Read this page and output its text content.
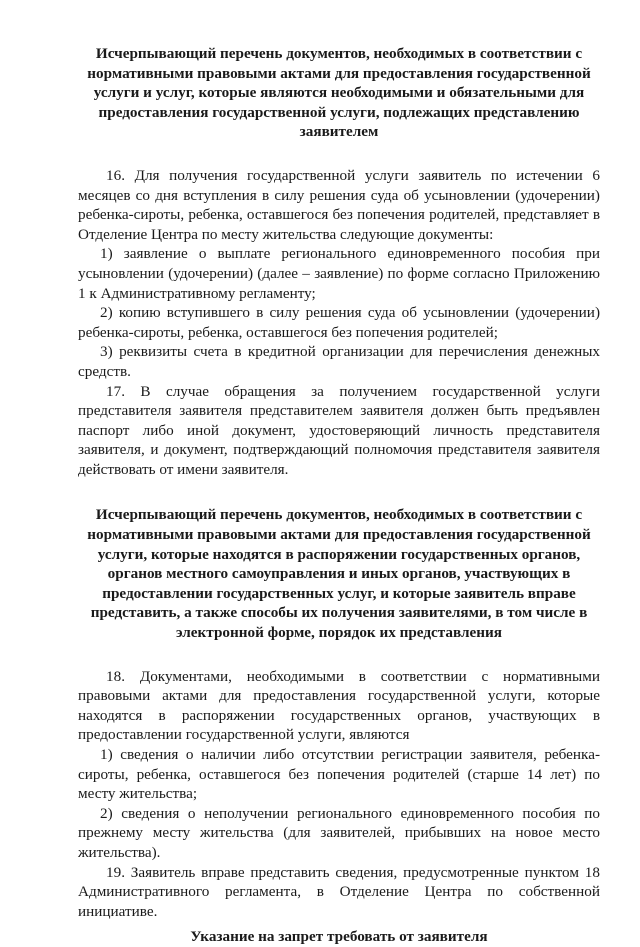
Исчерпывающий перечень документов, необходимых в соответствии с
нормативными правовыми актами для предоставления государственной
услуги и услуг, которые являются необходимыми и обязательными для
предоставления государственной услуги, подлежащих представлению
заявителем

16. Для получения государственной услуги заявитель по истечении 6 месяцев со дня вступления в силу решения суда об усыновлении (удочерении) ребенка-сироты, ребенка, оставшегося без попечения родителей, представляет в Отделение Центра по месту жительства следующие документы:

1) заявление о выплате регионального единовременного пособия при усыновлении (удочерении) (далее – заявление) по форме согласно Приложению 1 к Административному регламенту;

2) копию вступившего в силу решения суда об усыновлении (удочерении) ребенка-сироты, ребенка, оставшегося без попечения родителей;

3) реквизиты счета в кредитной организации для перечисления денежных средств.

17. В случае обращения за получением государственной услуги представителя заявителя представителем заявителя должен быть предъявлен паспорт либо иной документ, удостоверяющий личность представителя заявителя, и документ, подтверждающий полномочия представителя заявителя действовать от имени заявителя.

Исчерпывающий перечень документов, необходимых в соответствии с
нормативными правовыми актами для предоставления государственной
услуги, которые находятся в распоряжении государственных органов,
органов местного самоуправления и иных органов, участвующих в
предоставлении государственных услуг, и которые заявитель вправе
представить, а также способы их получения заявителями, в том числе в
электронной форме, порядок их представления

18. Документами, необходимыми в соответствии с нормативными правовыми актами для предоставления государственной услуги, которые находятся в распоряжении государственных органов, участвующих в предоставлении государственной услуги, являются

1) сведения о наличии либо отсутствии регистрации заявителя, ребенка-сироты, ребенка, оставшегося без попечения родителей (старше 14 лет) по месту жительства;

2) сведения о неполучении регионального единовременного пособия по прежнему месту жительства (для заявителей, прибывших на новое место жительства).

19. Заявитель вправе представить сведения, предусмотренные пунктом 18 Административного регламента, в Отделение Центра по собственной инициативе.

Указание на запрет требовать от заявителя
